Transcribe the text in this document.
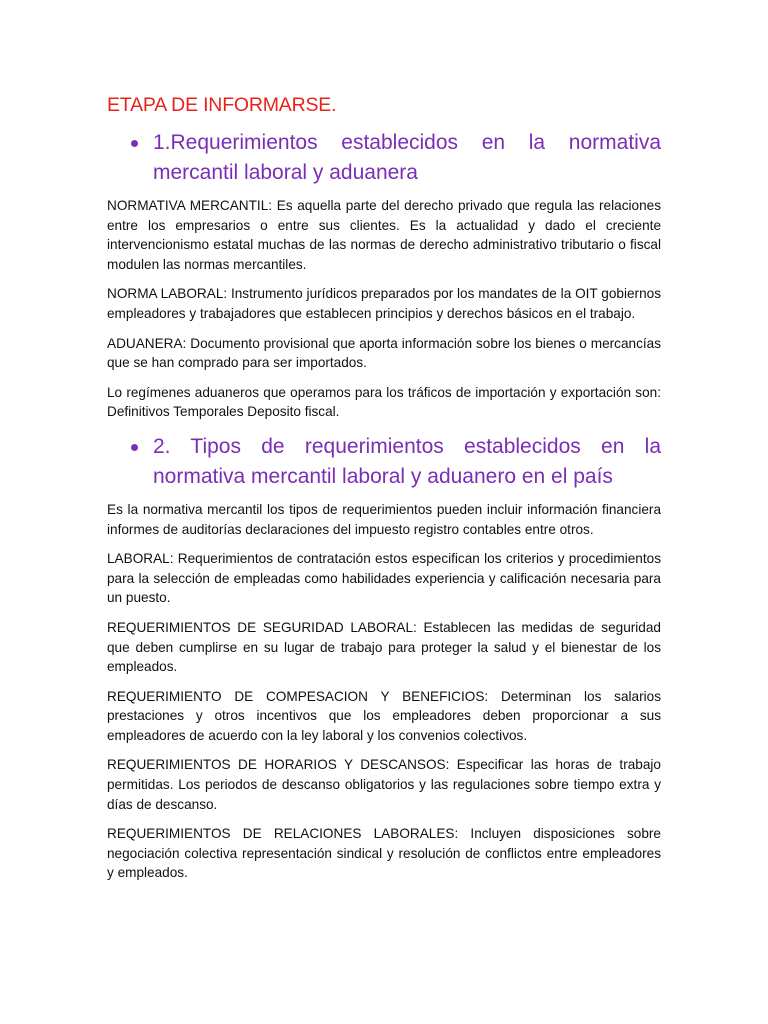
ETAPA DE INFORMARSE.
1.Requerimientos establecidos en la normativa mercantil laboral y aduanera

NORMATIVA MERCANTIL: Es aquella parte del derecho privado que regula las relaciones entre los empresarios o entre sus clientes. Es la actualidad y dado el creciente intervencionismo estatal muchas de las normas de derecho administrativo tributario o fiscal modulen las normas mercantiles.

NORMA LABORAL: Instrumento jurídicos preparados por los mandates de la OIT gobiernos empleadores y trabajadores que establecen principios y derechos básicos en el trabajo.

ADUANERA: Documento provisional que aporta información sobre los bienes o mercancías que se han comprado para ser importados.

Lo regímenes aduaneros que operamos para los tráficos de importación y exportación son: Definitivos Temporales Deposito fiscal.

2. Tipos de requerimientos establecidos en la normativa mercantil laboral y aduanero en el país

Es la normativa mercantil los tipos de requerimientos pueden incluir información financiera informes de auditorías declaraciones del impuesto registro contables entre otros.

LABORAL: Requerimientos de contratación estos especifican los criterios y procedimientos para la selección de empleadas como habilidades experiencia y calificación necesaria para un puesto.

REQUERIMIENTOS DE SEGURIDAD LABORAL: Establecen las medidas de seguridad que deben cumplirse en su lugar de trabajo para proteger la salud y el bienestar de los empleados.

REQUERIMIENTO DE COMPESACION Y BENEFICIOS: Determinan los salarios prestaciones y otros incentivos que los empleadores deben proporcionar a sus empleadores de acuerdo con la ley laboral y los convenios colectivos.

REQUERIMIENTOS DE HORARIOS Y DESCANSOS: Especificar las horas de trabajo permitidas. Los periodos de descanso obligatorios y las regulaciones sobre tiempo extra y días de descanso.

REQUERIMIENTOS DE RELACIONES LABORALES: Incluyen disposiciones sobre negociación colectiva representación sindical y resolución de conflictos entre empleadores y empleados.
